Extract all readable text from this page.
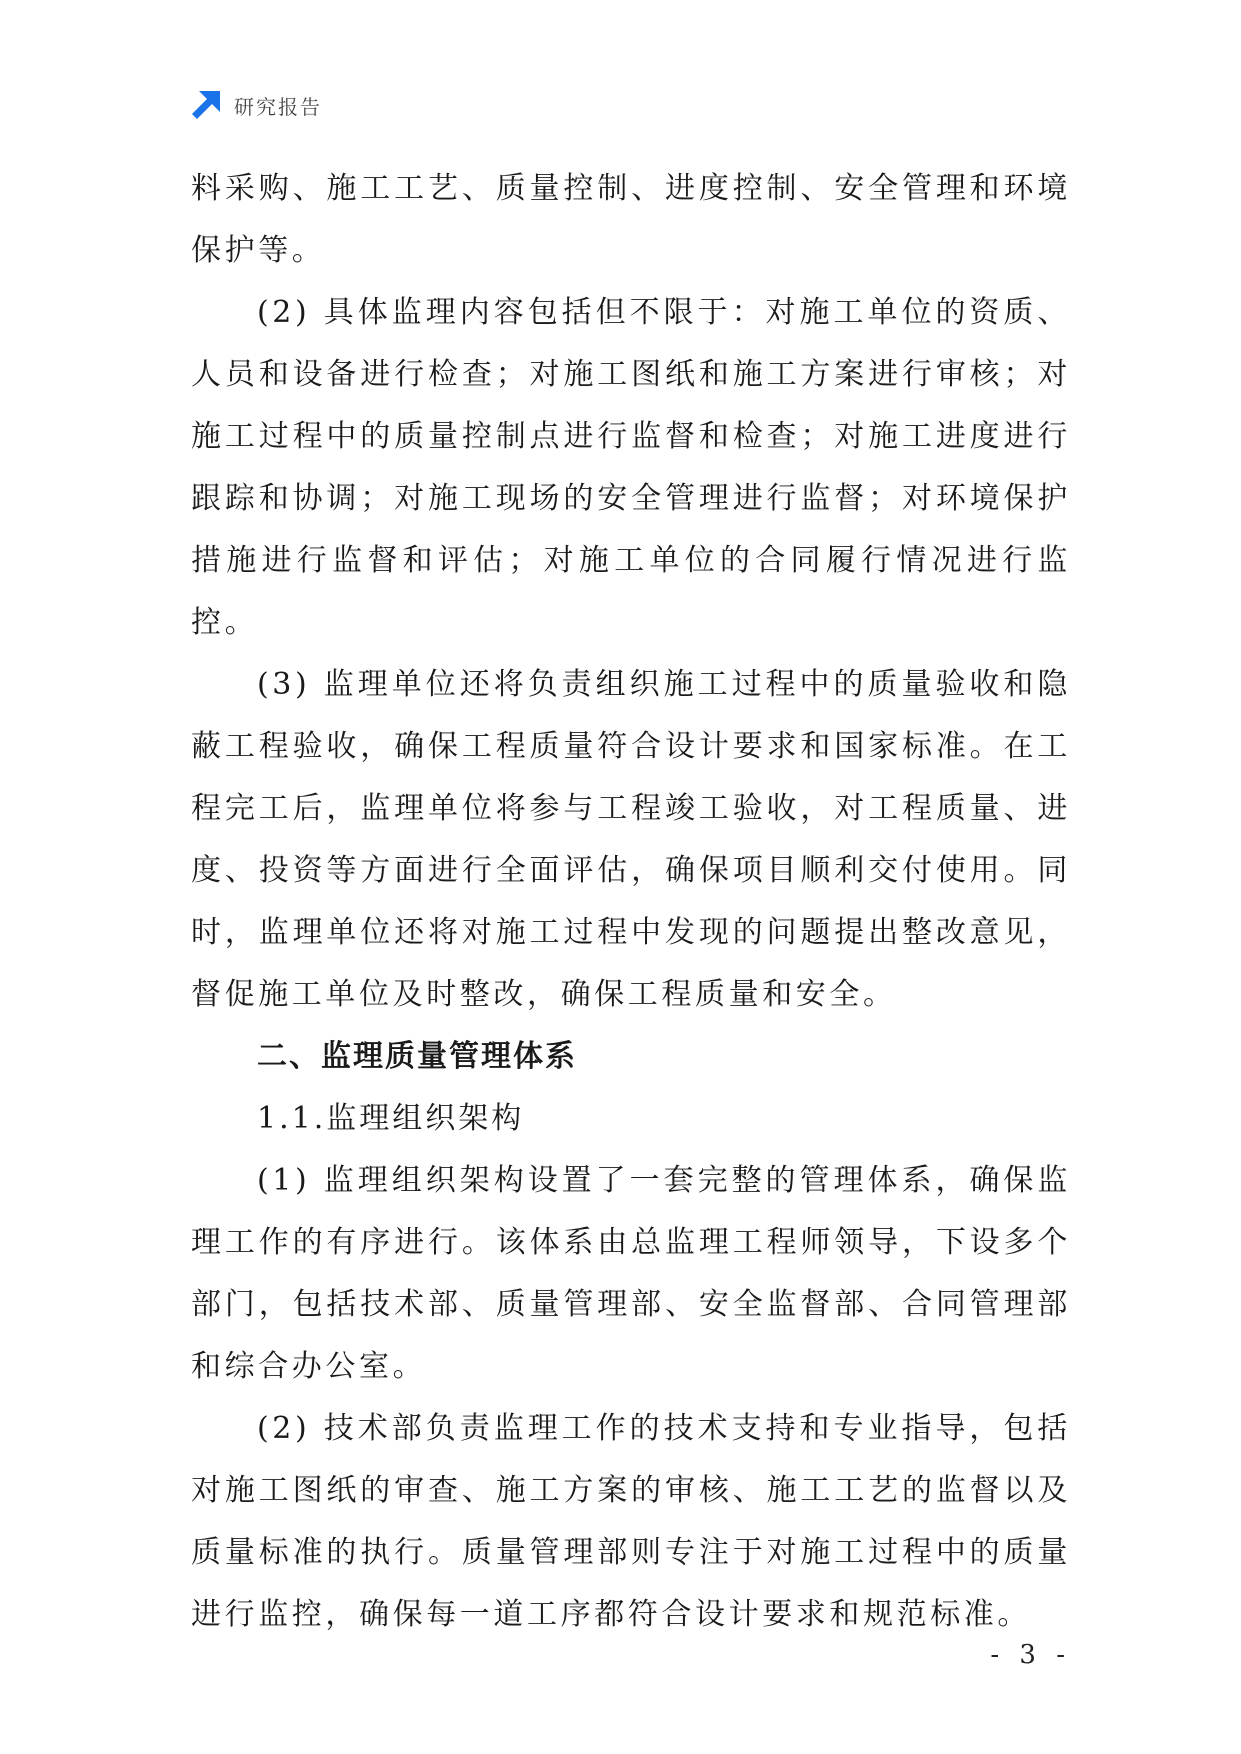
研究报告

料采购、施工工艺、质量控制、进度控制、安全管理和环境保护等。

(2) 具体监理内容包括但不限于：对施工单位的资质、人员和设备进行检查；对施工图纸和施工方案进行审核；对施工过程中的质量控制点进行监督和检查；对施工进度进行跟踪和协调；对施工现场的安全管理进行监督；对环境保护措施进行监督和评估；对施工单位的合同履行情况进行监控。

(3) 监理单位还将负责组织施工过程中的质量验收和隐蔽工程验收，确保工程质量符合设计要求和国家标准。在工程完工后，监理单位将参与工程竣工验收，对工程质量、进度、投资等方面进行全面评估，确保项目顺利交付使用。同时，监理单位还将对施工过程中发现的问题提出整改意见，督促施工单位及时整改，确保工程质量和安全。

二、监理质量管理体系

1.1.监理组织架构

(1) 监理组织架构设置了一套完整的管理体系，确保监理工作的有序进行。该体系由总监理工程师领导，下设多个部门，包括技术部、质量管理部、安全监督部、合同管理部和综合办公室。

(2) 技术部负责监理工作的技术支持和专业指导，包括对施工图纸的审查、施工方案的审核、施工工艺的监督以及质量标准的执行。质量管理部则专注于对施工过程中的质量进行监控，确保每一道工序都符合设计要求和规范标准。

- 3 -
